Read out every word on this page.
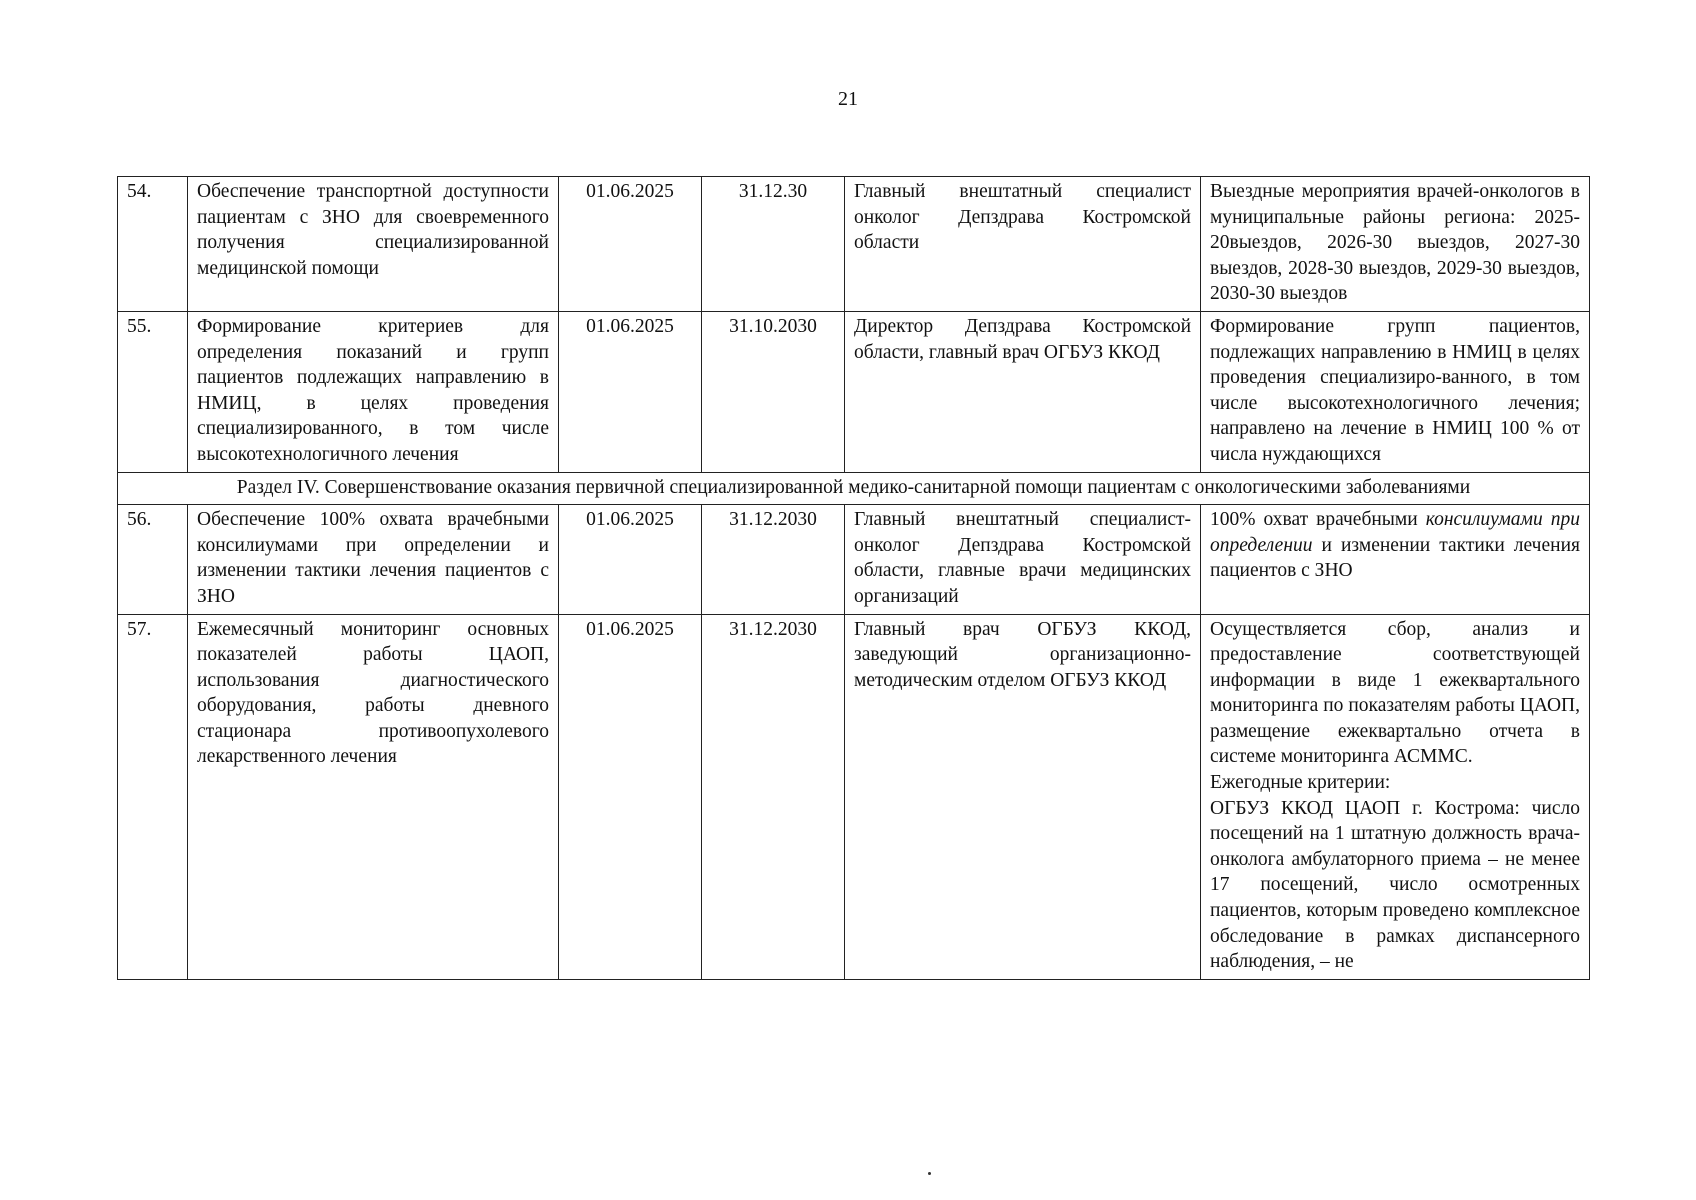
21
54.	Обеспечение транспортной доступности пациентам с ЗНО для своевременного получения специализированной медицинской помощи	01.06.2025	31.12.30	Главный внештатный специалист онколог Депздрава Костромской области	Выездные мероприятия врачей-онкологов в муниципальные районы региона: 2025-20выездов, 2026-30 выездов, 2027-30 выездов, 2028-30 выездов, 2029-30 выездов, 2030-30 выездов
55.	Формирование критериев для определения показаний и групп пациентов подлежащих направлению в НМИЦ, в целях проведения специализированного, в том числе высокотехнологичного лечения	01.06.2025	31.10.2030	Директор Депздрава Костромской области, главный врач ОГБУЗ ККОД	Формирование групп пациентов, подлежащих направлению в НМИЦ в целях проведения специализиро-ванного, в том числе высокотехнологичного лечения; направлено на лечение в НМИЦ 100 % от числа нуждающихся
Раздел IV. Совершенствование оказания первичной специализированной медико-санитарной помощи пациентам с онкологическими заболеваниями					
56.	Обеспечение 100% охвата врачебными консилиумами при определении и изменении тактики лечения пациентов с ЗНО	01.06.2025	31.12.2030	Главный внештатный специалист-онколог Депздрава Костромской области, главные врачи медицинских организаций	100% охват врачебными консилиумами при определении и изменении тактики лечения пациентов с ЗНО
57.	Ежемесячный мониторинг основных показателей работы ЦАОП, использования диагностического оборудования, работы дневного стационара противоопухолевого лекарственного лечения	01.06.2025	31.12.2030	Главный врач ОГБУЗ ККОД, заведующий организационно-методическим отделом ОГБУЗ ККОД	Осуществляется сбор, анализ и предоставление соответствующей информации в виде 1 ежеквартального мониторинга по показателям работы ЦАОП, размещение ежеквартально отчета в системе мониторинга АСММС.
Ежегодные критерии:
ОГБУЗ ККОД ЦАОП г. Кострома: число посещений на 1 штатную должность врача-онколога амбулаторного приема – не менее 17 посещений, число осмотренных пациентов, которым проведено комплексное обследование в рамках диспансерного наблюдения, – не
